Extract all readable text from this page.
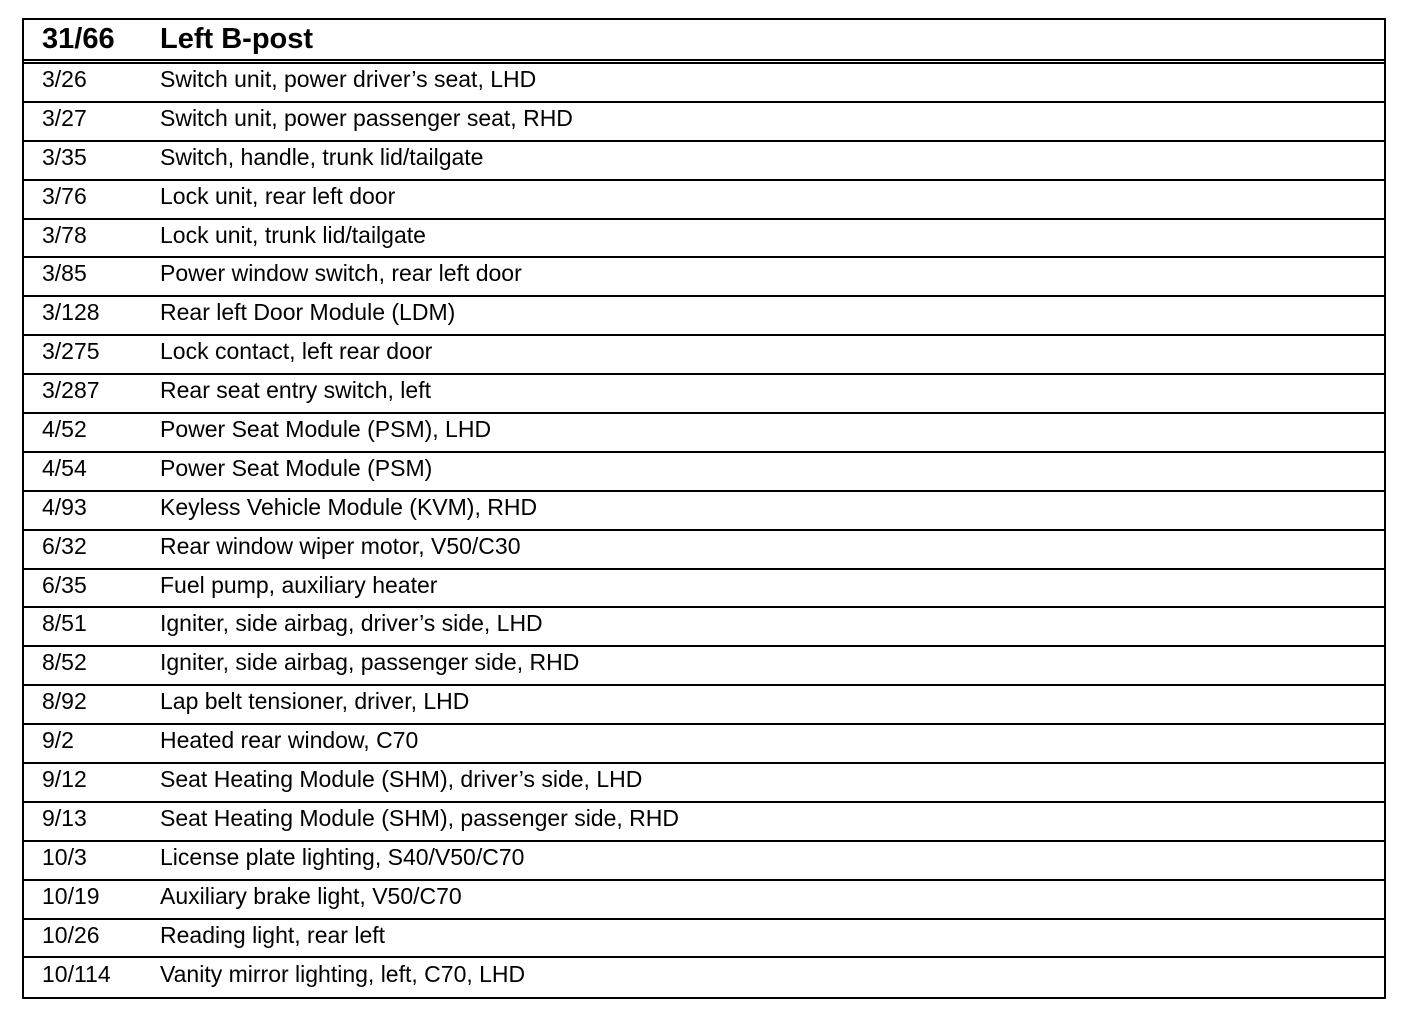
31/66	Left B-post
3/26	Switch unit, power driver’s seat, LHD
3/27	Switch unit, power passenger seat, RHD
3/35	Switch, handle, trunk lid/tailgate
3/76	Lock unit, rear left door
3/78	Lock unit, trunk lid/tailgate
3/85	Power window switch, rear left door
3/128	Rear left Door Module (LDM)
3/275	Lock contact, left rear door
3/287	Rear seat entry switch, left
4/52	Power Seat Module (PSM), LHD
4/54	Power Seat Module (PSM)
4/93	Keyless Vehicle Module (KVM), RHD
6/32	Rear window wiper motor, V50/C30
6/35	Fuel pump, auxiliary heater
8/51	Igniter, side airbag, driver’s side, LHD
8/52	Igniter, side airbag, passenger side, RHD
8/92	Lap belt tensioner, driver, LHD
9/2	Heated rear window, C70
9/12	Seat Heating Module (SHM), driver’s side, LHD
9/13	Seat Heating Module (SHM), passenger side, RHD
10/3	License plate lighting, S40/V50/C70
10/19	Auxiliary brake light, V50/C70
10/26	Reading light, rear left
10/114	Vanity mirror lighting, left, C70, LHD
